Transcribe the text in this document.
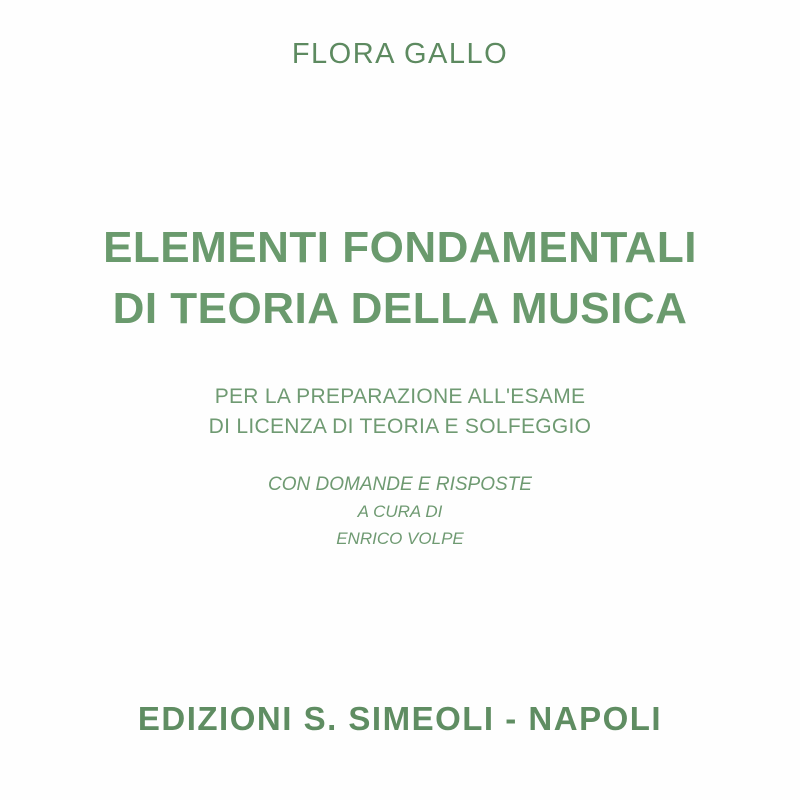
FLORA GALLO
ELEMENTI FONDAMENTALI
DI TEORIA DELLA MUSICA
PER LA PREPARAZIONE ALL'ESAME
DI LICENZA DI TEORIA E SOLFEGGIO
CON DOMANDE E RISPOSTE
A CURA DI
ENRICO VOLPE
EDIZIONI S. SIMEOLI - NAPOLI
